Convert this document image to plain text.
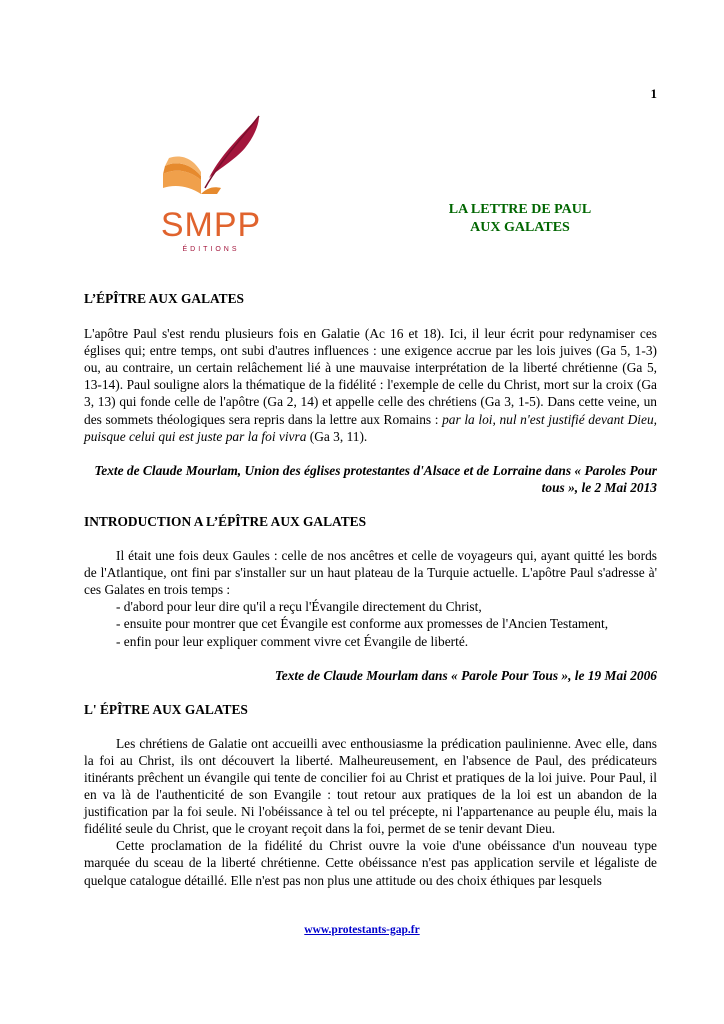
1
SMPP
ÉDITIONS
LA LETTRE DE PAUL
AUX GALATES

L’ÉPÎTRE AUX GALATES

L'apôtre Paul s'est rendu plusieurs fois en Galatie (Ac 16 et 18). Ici, il leur écrit pour redynamiser ces églises qui; entre temps, ont subi d'autres influences : une exigence accrue par les lois juives (Ga 5, 1-3) ou, au contraire, un certain relâchement lié à une mauvaise interprétation de la liberté chrétienne (Ga 5, 13-14). Paul souligne alors la thématique de la fidélité : l'exemple de celle du Christ, mort sur la croix (Ga 3, 13) qui fonde celle de l'apôtre (Ga 2, 14) et appelle celle des chrétiens (Ga 3, 1-5). Dans cette veine, un des sommets théologiques sera repris dans la lettre aux Romains : par la loi, nul n'est justifié devant Dieu, puisque celui qui est juste par la foi vivra (Ga 3, 11).

Texte de Claude Mourlam, Union des églises protestantes d'Alsace et de Lorraine dans « Paroles Pour tous », le 2 Mai 2013

INTRODUCTION A L’ÉPÎTRE AUX GALATES

Il était une fois deux Gaules : celle de nos ancêtres et celle de voyageurs qui, ayant quitté les bords de l'Atlantique, ont fini par s'installer sur un haut plateau de la Turquie actuelle. L'apôtre Paul s'adresse à' ces Galates en trois temps :

- d'abord pour leur dire qu'il a reçu l'Évangile directement du Christ,
- ensuite pour montrer que cet Évangile est conforme aux promesses de l'Ancien Testament,
- enfin pour leur expliquer comment vivre cet Évangile de liberté.

Texte de Claude Mourlam dans « Parole Pour Tous », le 19 Mai 2006

L' ÉPÎTRE AUX GALATES

Les chrétiens de Galatie ont accueilli avec enthousiasme la prédication paulinienne. Avec elle, dans la foi au Christ, ils ont découvert la liberté. Malheureusement, en l'absence de Paul, des prédicateurs itinérants prêchent un évangile qui tente de concilier foi au Christ et pratiques de la loi juive. Pour Paul, il en va là de l'authenticité de son Evangile : tout retour aux pratiques de la loi est un abandon de la justification par la foi seule. Ni l'obéissance à tel ou tel précepte, ni l'appartenance au peuple élu, mais la fidélité seule du Christ, que le croyant reçoit dans la foi, permet de se tenir devant Dieu.

Cette proclamation de la fidélité du Christ ouvre la voie d'une obéissance d'un nouveau type marquée du sceau de la liberté chrétienne. Cette obéissance n'est pas application servile et légaliste de quelque catalogue détaillé. Elle n'est pas non plus une attitude ou des choix éthiques par lesquels

www.protestants-gap.fr
